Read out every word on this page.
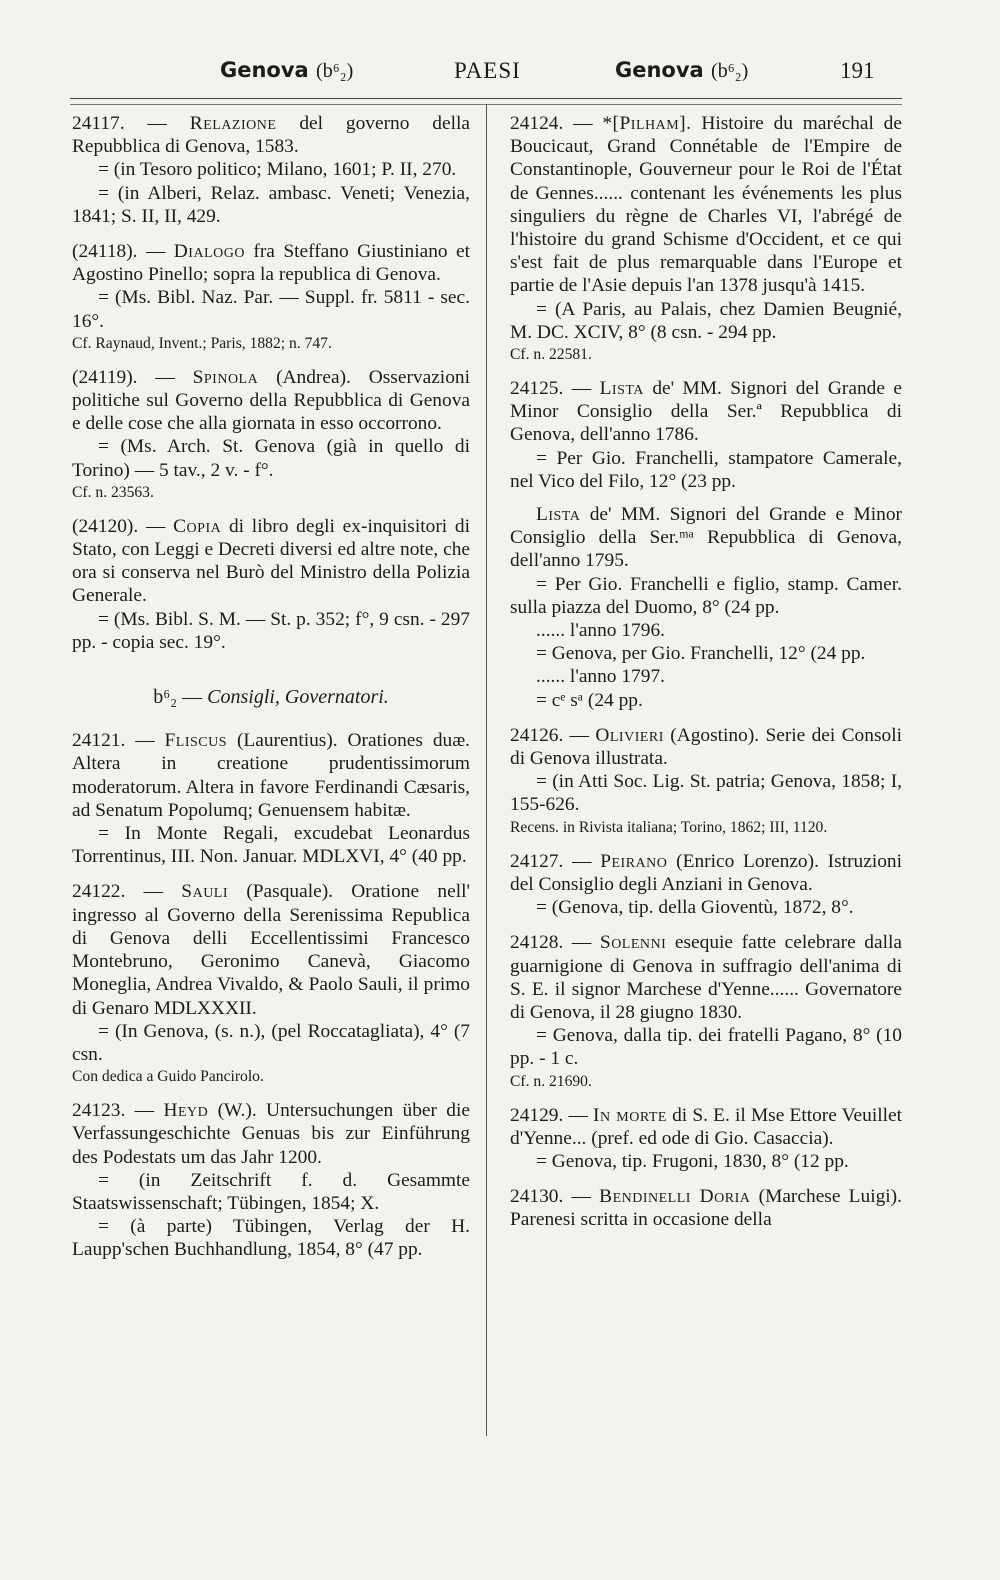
Genova (b⁶₂)	PAESI	Genova (b⁶₂)	191

24117. — Relazione del governo della Repubblica di Genova, 1583.

= (in Tesoro politico; Milano, 1601; P. II, 270.

= (in Alberi, Relaz. ambasc. Veneti; Venezia, 1841; S. II, II, 429.

(24118). — Dialogo fra Steffano Giustiniano et Agostino Pinello; sopra la republica di Genova.

= (Ms. Bibl. Naz. Par. — Suppl. fr. 5811 - sec. 16°.

Cf. Raynaud, Invent.; Paris, 1882; n. 747.

(24119). — Spinola (Andrea). Osservazioni politiche sul Governo della Repubblica di Genova e delle cose che alla giornata in esso occorrono.

= (Ms. Arch. St. Genova (già in quello di Torino) — 5 tav., 2 v. - f°.

Cf. n. 23563.

(24120). — Copia di libro degli ex-inquisitori di Stato, con Leggi e Decreti diversi ed altre note, che ora si conserva nel Burò del Ministro della Polizia Generale.

= (Ms. Bibl. S. M. — St. p. 352; f°, 9 csn. - 297 pp. - copia sec. 19°.

b⁶₂ — Consigli, Governatori.

24121. — Fliscus (Laurentius). Orationes duæ. Altera in creatione prudentissimorum moderatorum. Altera in favore Ferdinandi Cæsaris, ad Senatum Popolumq; Genuensem habitæ.

= In Monte Regali, excudebat Leonardus Torrentinus, III. Non. Januar. MDLXVI, 4° (40 pp.

24122. — Sauli (Pasquale). Oratione nell' ingresso al Governo della Serenissima Republica di Genova delli Eccellentissimi Francesco Montebruno, Geronimo Canevà, Giacomo Moneglia, Andrea Vivaldo, & Paolo Sauli, il primo di Genaro MDLXXXII.

= (In Genova, (s. n.), (pel Roccatagliata), 4° (7 csn.

Con dedica a Guido Pancirolo.

24123. — Heyd (W.). Untersuchungen über die Verfassungeschichte Genuas bis zur Einführung des Podestats um das Jahr 1200.

= (in Zeitschrift f. d. Gesammte Staatswissenschaft; Tübingen, 1854; X.

= (à parte) Tübingen, Verlag der H. Laupp'schen Buchhandlung, 1854, 8° (47 pp.

24124. — *[Pilham]. Histoire du maréchal de Boucicaut, Grand Connétable de l'Empire de Constantinople, Gouverneur pour le Roi de l'État de Gennes...... contenant les événements les plus singuliers du règne de Charles VI, l'abrégé de l'histoire du grand Schisme d'Occident, et ce qui s'est fait de plus remarquable dans l'Europe et partie de l'Asie depuis l'an 1378 jusqu'à 1415.

= (A Paris, au Palais, chez Damien Beugnié, M. DC. XCIV, 8° (8 csn. - 294 pp.

Cf. n. 22581.

24125. — Lista de' MM. Signori del Grande e Minor Consiglio della Ser.ª Repubblica di Genova, dell'anno 1786.

= Per Gio. Franchelli, stampatore Camerale, nel Vico del Filo, 12° (23 pp.

Lista de' MM. Signori del Grande e Minor Consiglio della Ser.ᵐᵃ Repubblica di Genova, dell'anno 1795.

= Per Gio. Franchelli e figlio, stamp. Camer. sulla piazza del Duomo, 8° (24 pp.

...... l'anno 1796.

= Genova, per Gio. Franchelli, 12° (24 pp.

...... l'anno 1797.

= cᵉ sᵃ (24 pp.

24126. — Olivieri (Agostino). Serie dei Consoli di Genova illustrata.

= (in Atti Soc. Lig. St. patria; Genova, 1858; I, 155-626.

Recens. in Rivista italiana; Torino, 1862; III, 1120.

24127. — Peirano (Enrico Lorenzo). Istruzioni del Consiglio degli Anziani in Genova.

= (Genova, tip. della Gioventù, 1872, 8°.

24128. — Solenni esequie fatte celebrare dalla guarnigione di Genova in suffragio dell'anima di S. E. il signor Marchese d'Yenne...... Governatore di Genova, il 28 giugno 1830.

= Genova, dalla tip. dei fratelli Pagano, 8° (10 pp. - 1 c.

Cf. n. 21690.

24129. — In morte di S. E. il Mse Ettore Veuillet d'Yenne... (pref. ed ode di Gio. Casaccia).

= Genova, tip. Frugoni, 1830, 8° (12 pp.

24130. — Bendinelli Doria (Marchese Luigi). Parenesi scritta in occasione della
